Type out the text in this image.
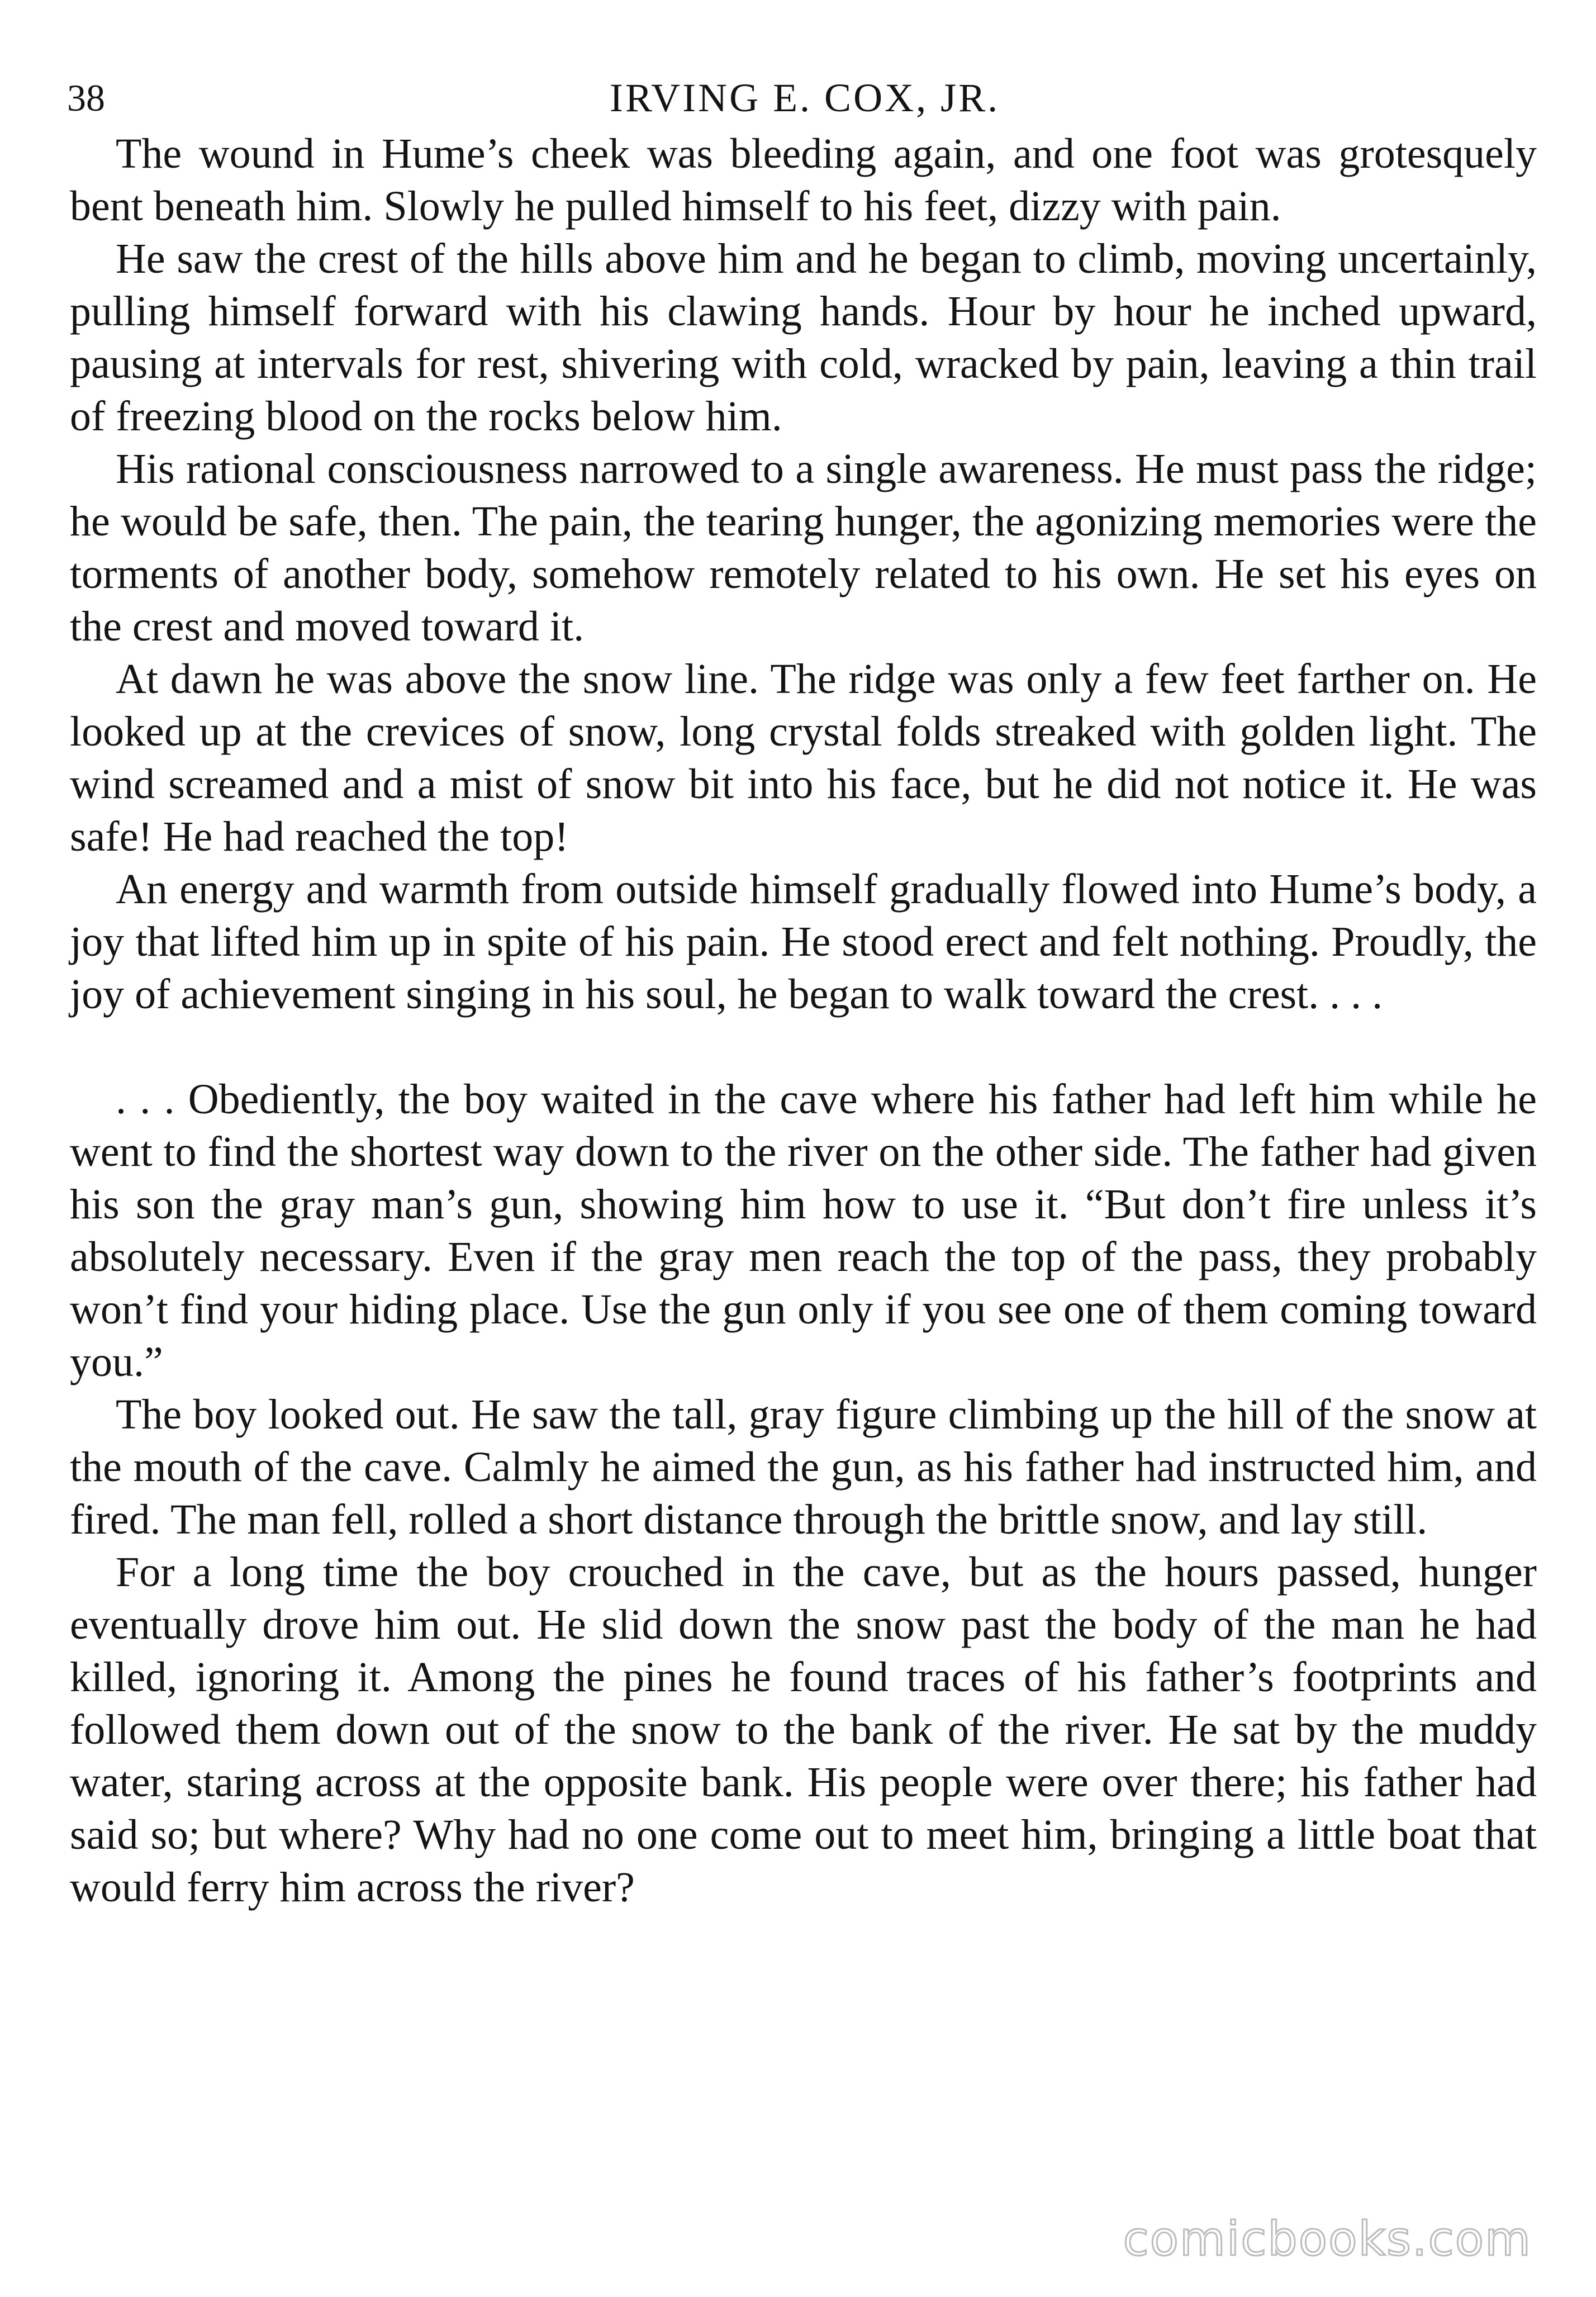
38	IRVING E. COX, JR.

The wound in Hume’s cheek was bleeding again, and one foot was grotesquely bent beneath him. Slowly he pulled himself to his feet, dizzy with pain.

He saw the crest of the hills above him and he began to climb, moving uncertainly, pulling himself forward with his clawing hands. Hour by hour he inched upward, pausing at intervals for rest, shivering with cold, wracked by pain, leaving a thin trail of freezing blood on the rocks below him.

His rational consciousness narrowed to a single awareness. He must pass the ridge; he would be safe, then. The pain, the tearing hunger, the agonizing memories were the torments of another body, somehow remotely related to his own. He set his eyes on the crest and moved toward it.

At dawn he was above the snow line. The ridge was only a few feet farther on. He looked up at the crevices of snow, long crystal folds streaked with golden light. The wind screamed and a mist of snow bit into his face, but he did not notice it. He was safe! He had reached the top!

An energy and warmth from outside himself gradually flowed into Hume’s body, a joy that lifted him up in spite of his pain. He stood erect and felt nothing. Proudly, the joy of achievement singing in his soul, he began to walk toward the crest. . . .

. . . Obediently, the boy waited in the cave where his father had left him while he went to find the shortest way down to the river on the other side. The father had given his son the gray man’s gun, showing him how to use it. “But don’t fire unless it’s absolutely necessary. Even if the gray men reach the top of the pass, they probably won’t find your hiding place. Use the gun only if you see one of them coming toward you.”

The boy looked out. He saw the tall, gray figure climbing up the hill of the snow at the mouth of the cave. Calmly he aimed the gun, as his father had instructed him, and fired. The man fell, rolled a short distance through the brittle snow, and lay still.

For a long time the boy crouched in the cave, but as the hours passed, hunger eventually drove him out. He slid down the snow past the body of the man he had killed, ignoring it. Among the pines he found traces of his father’s footprints and followed them down out of the snow to the bank of the river. He sat by the muddy water, staring across at the opposite bank. His people were over there; his father had said so; but where? Why had no one come out to meet him, bringing a little boat that would ferry him across the river?

comicbooks.com
